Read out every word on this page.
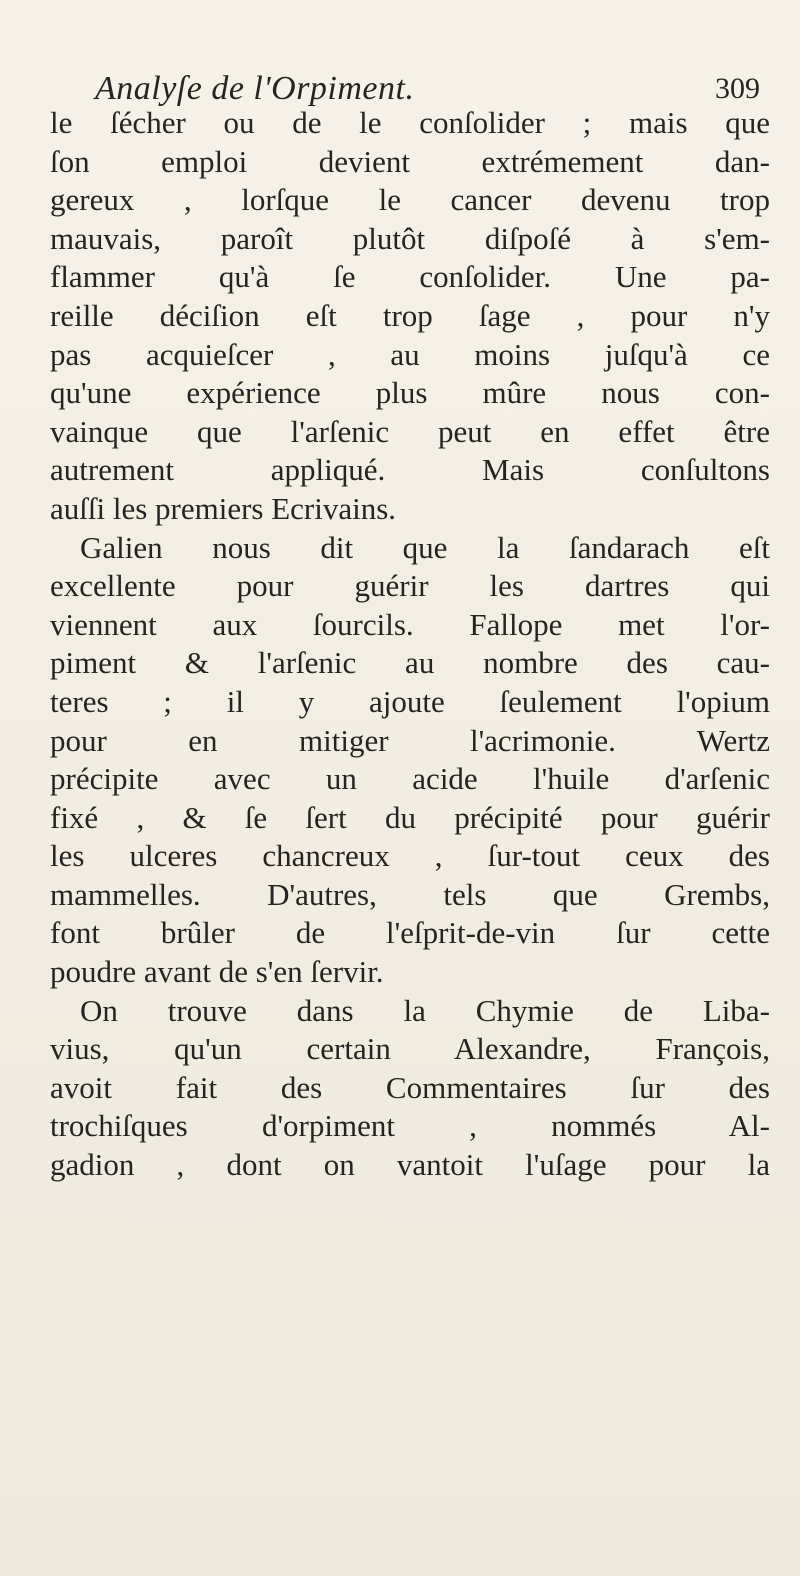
Analyſe de l'Orpiment.	309
le ſécher ou de le conſolider ; mais que
ſon emploi devient extrémement dan-
gereux , lorſque le cancer devenu trop
mauvais, paroît plutôt diſpoſé à s'em-
flammer qu'à ſe conſolider. Une pa-
reille déciſion eſt trop ſage , pour n'y
pas acquieſcer , au moins juſqu'à ce
qu'une expérience plus mûre nous con-
vainque que l'arſenic peut en effet être
autrement appliqué. Mais conſultons
auſſi les premiers Ecrivains.
Galien nous dit que la ſandarach eſt
excellente pour guérir les dartres qui
viennent aux ſourcils. Fallope met l'or-
piment & l'arſenic au nombre des cau-
teres ; il y ajoute ſeulement l'opium
pour en mitiger l'acrimonie. Wertz
précipite avec un acide l'huile d'arſenic
fixé , & ſe ſert du précipité pour guérir
les ulceres chancreux , ſur-tout ceux des
mammelles. D'autres, tels que Grembs,
font brûler de l'eſprit-de-vin ſur cette
poudre avant de s'en ſervir.
On trouve dans la Chymie de Liba-
vius, qu'un certain Alexandre, François,
avoit fait des Commentaires ſur des
trochiſques d'orpiment , nommés Al-
gadion , dont on vantoit l'uſage pour la
